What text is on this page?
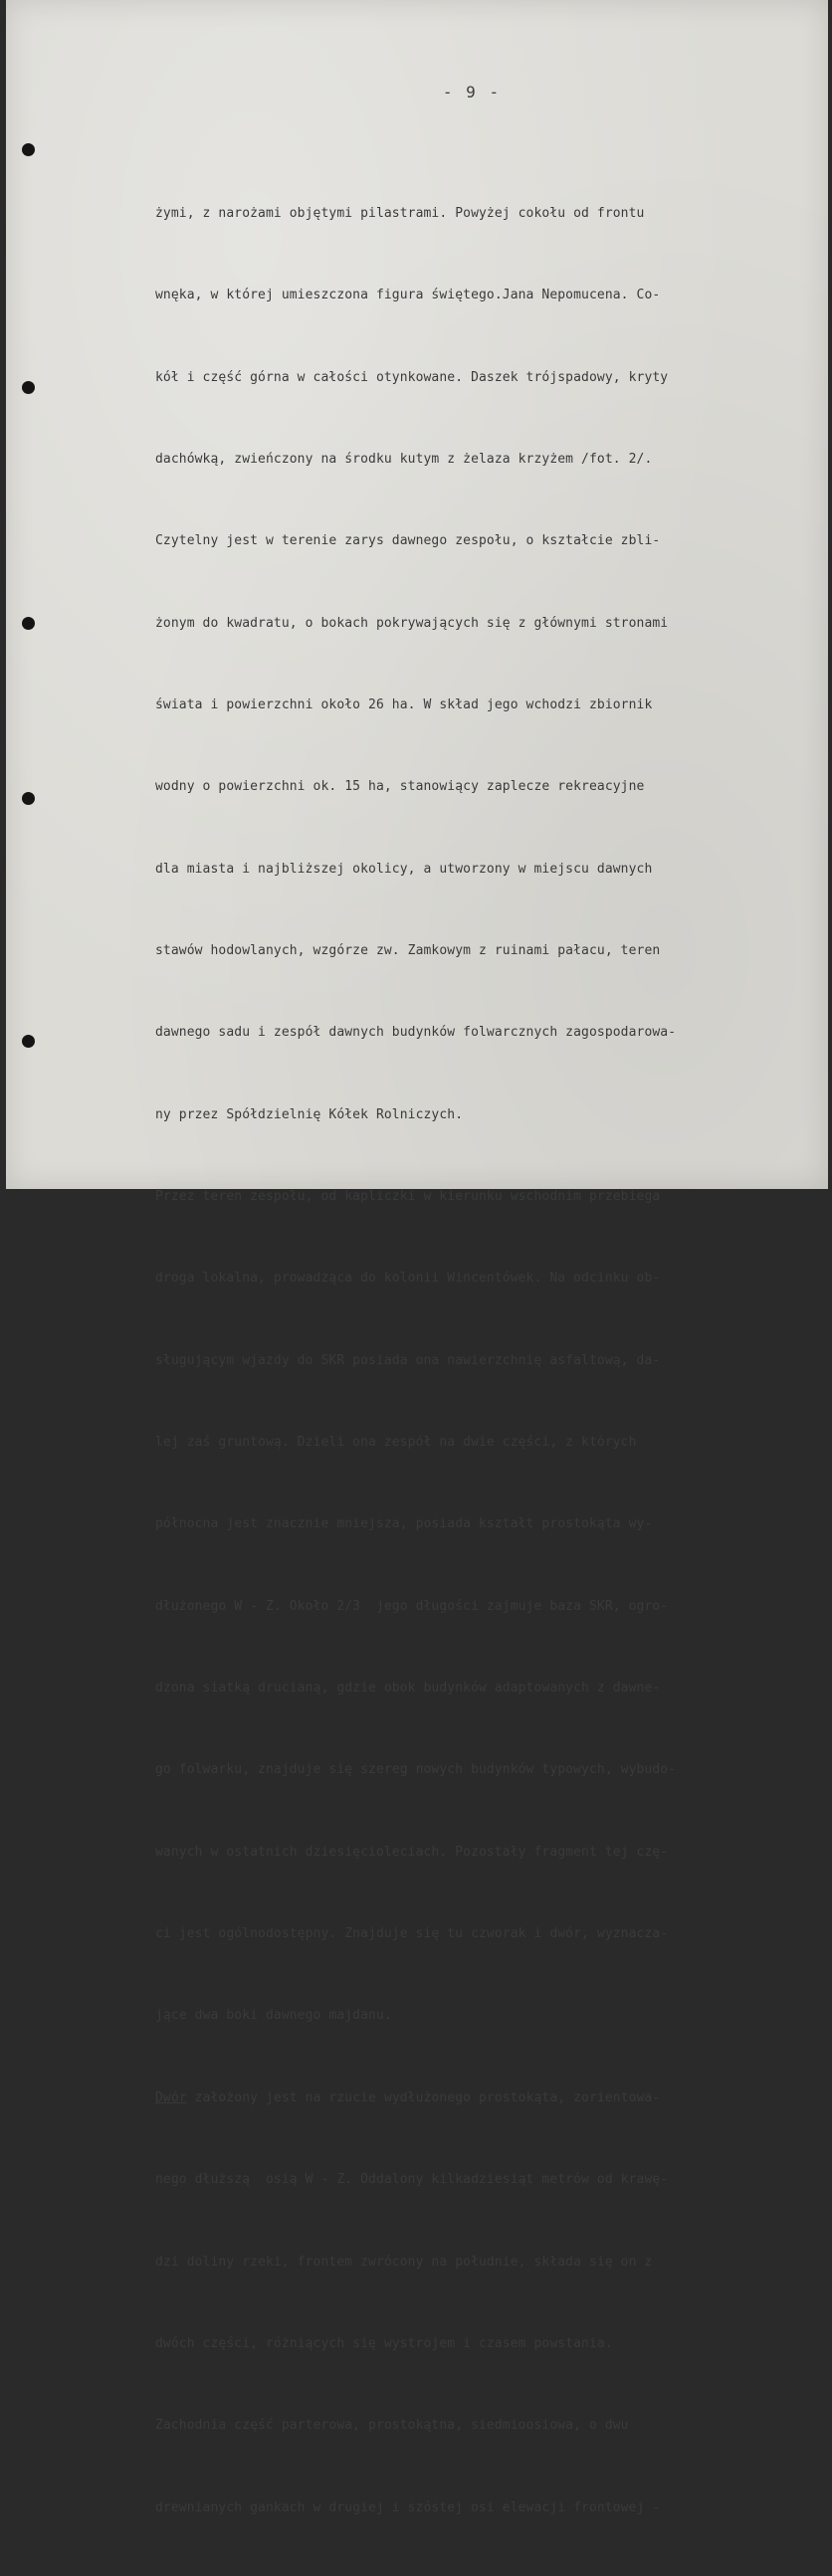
- 9 -

żymi, z narożami objętymi pilastrami. Powyżej cokołu od frontu

wnęka, w której umieszczona figura świętego.Jana Nepomucena. Co-

kół i część górna w całości otynkowane. Daszek trójspadowy, kryty

dachówką, zwieńczony na środku kutym z żelaza krzyżem /fot. 2/.

Czytelny jest w terenie zarys dawnego zespołu, o kształcie zbli-

żonym do kwadratu, o bokach pokrywających się z głównymi stronami

świata i powierzchni około 26 ha. W skład jego wchodzi zbiornik

wodny o powierzchni ok. 15 ha, stanowiący zaplecze rekreacyjne

dla miasta i najbliższej okolicy, a utworzony w miejscu dawnych

stawów hodowlanych, wzgórze zw. Zamkowym z ruinami pałacu, teren

dawnego sadu i zespół dawnych budynków folwarcznych zagospodarowa-

ny przez Spółdzielnię Kółek Rolniczych.

Przez teren zespołu, od kapliczki w kierunku wschodnim przebiega

droga lokalna, prowadząca do kolonii Wincentówek. Na odcinku ob-

sługującym wjazdy do SKR posiada ona nawierzchnię asfaltową, da-

lej zaś gruntową. Dzieli ona zespół na dwie części, z których

północna jest znacznie mniejsza, posiada kształt prostokąta wy-

dłużonego W - Z. Około 2/3  jego długości zajmuje baza SKR, ogro-

dzona siatką drucianą, gdzie obok budynków adaptowanych z dawne-

go folwarku, znajduje się szereg nowych budynków typowych, wybudo-

wanych w ostatnich dziesięcioleciach. Pozostały fragment tej czę-

ci jest ogólnodostępny. Znajduje się tu czworak i dwór, wyznacza-

jące dwa boki dawnego majdanu.

Dwór założony jest na rzucie wydłużonego prostokąta, zorientowa-

nego dłuższą  osią W - Z. Oddalony kilkadziesiąt metrów od krawę-

dzi doliny rzeki, frontem zwrócony na południe, składa się on z

dwóch części, różniących się wystrojem i czasem powstania.

Zachodnia część parterowa, prostokątna, siedmioosiowa, o dwu

drewnianych gankach w drugiej i szóstej osi elewacji frontowej -
